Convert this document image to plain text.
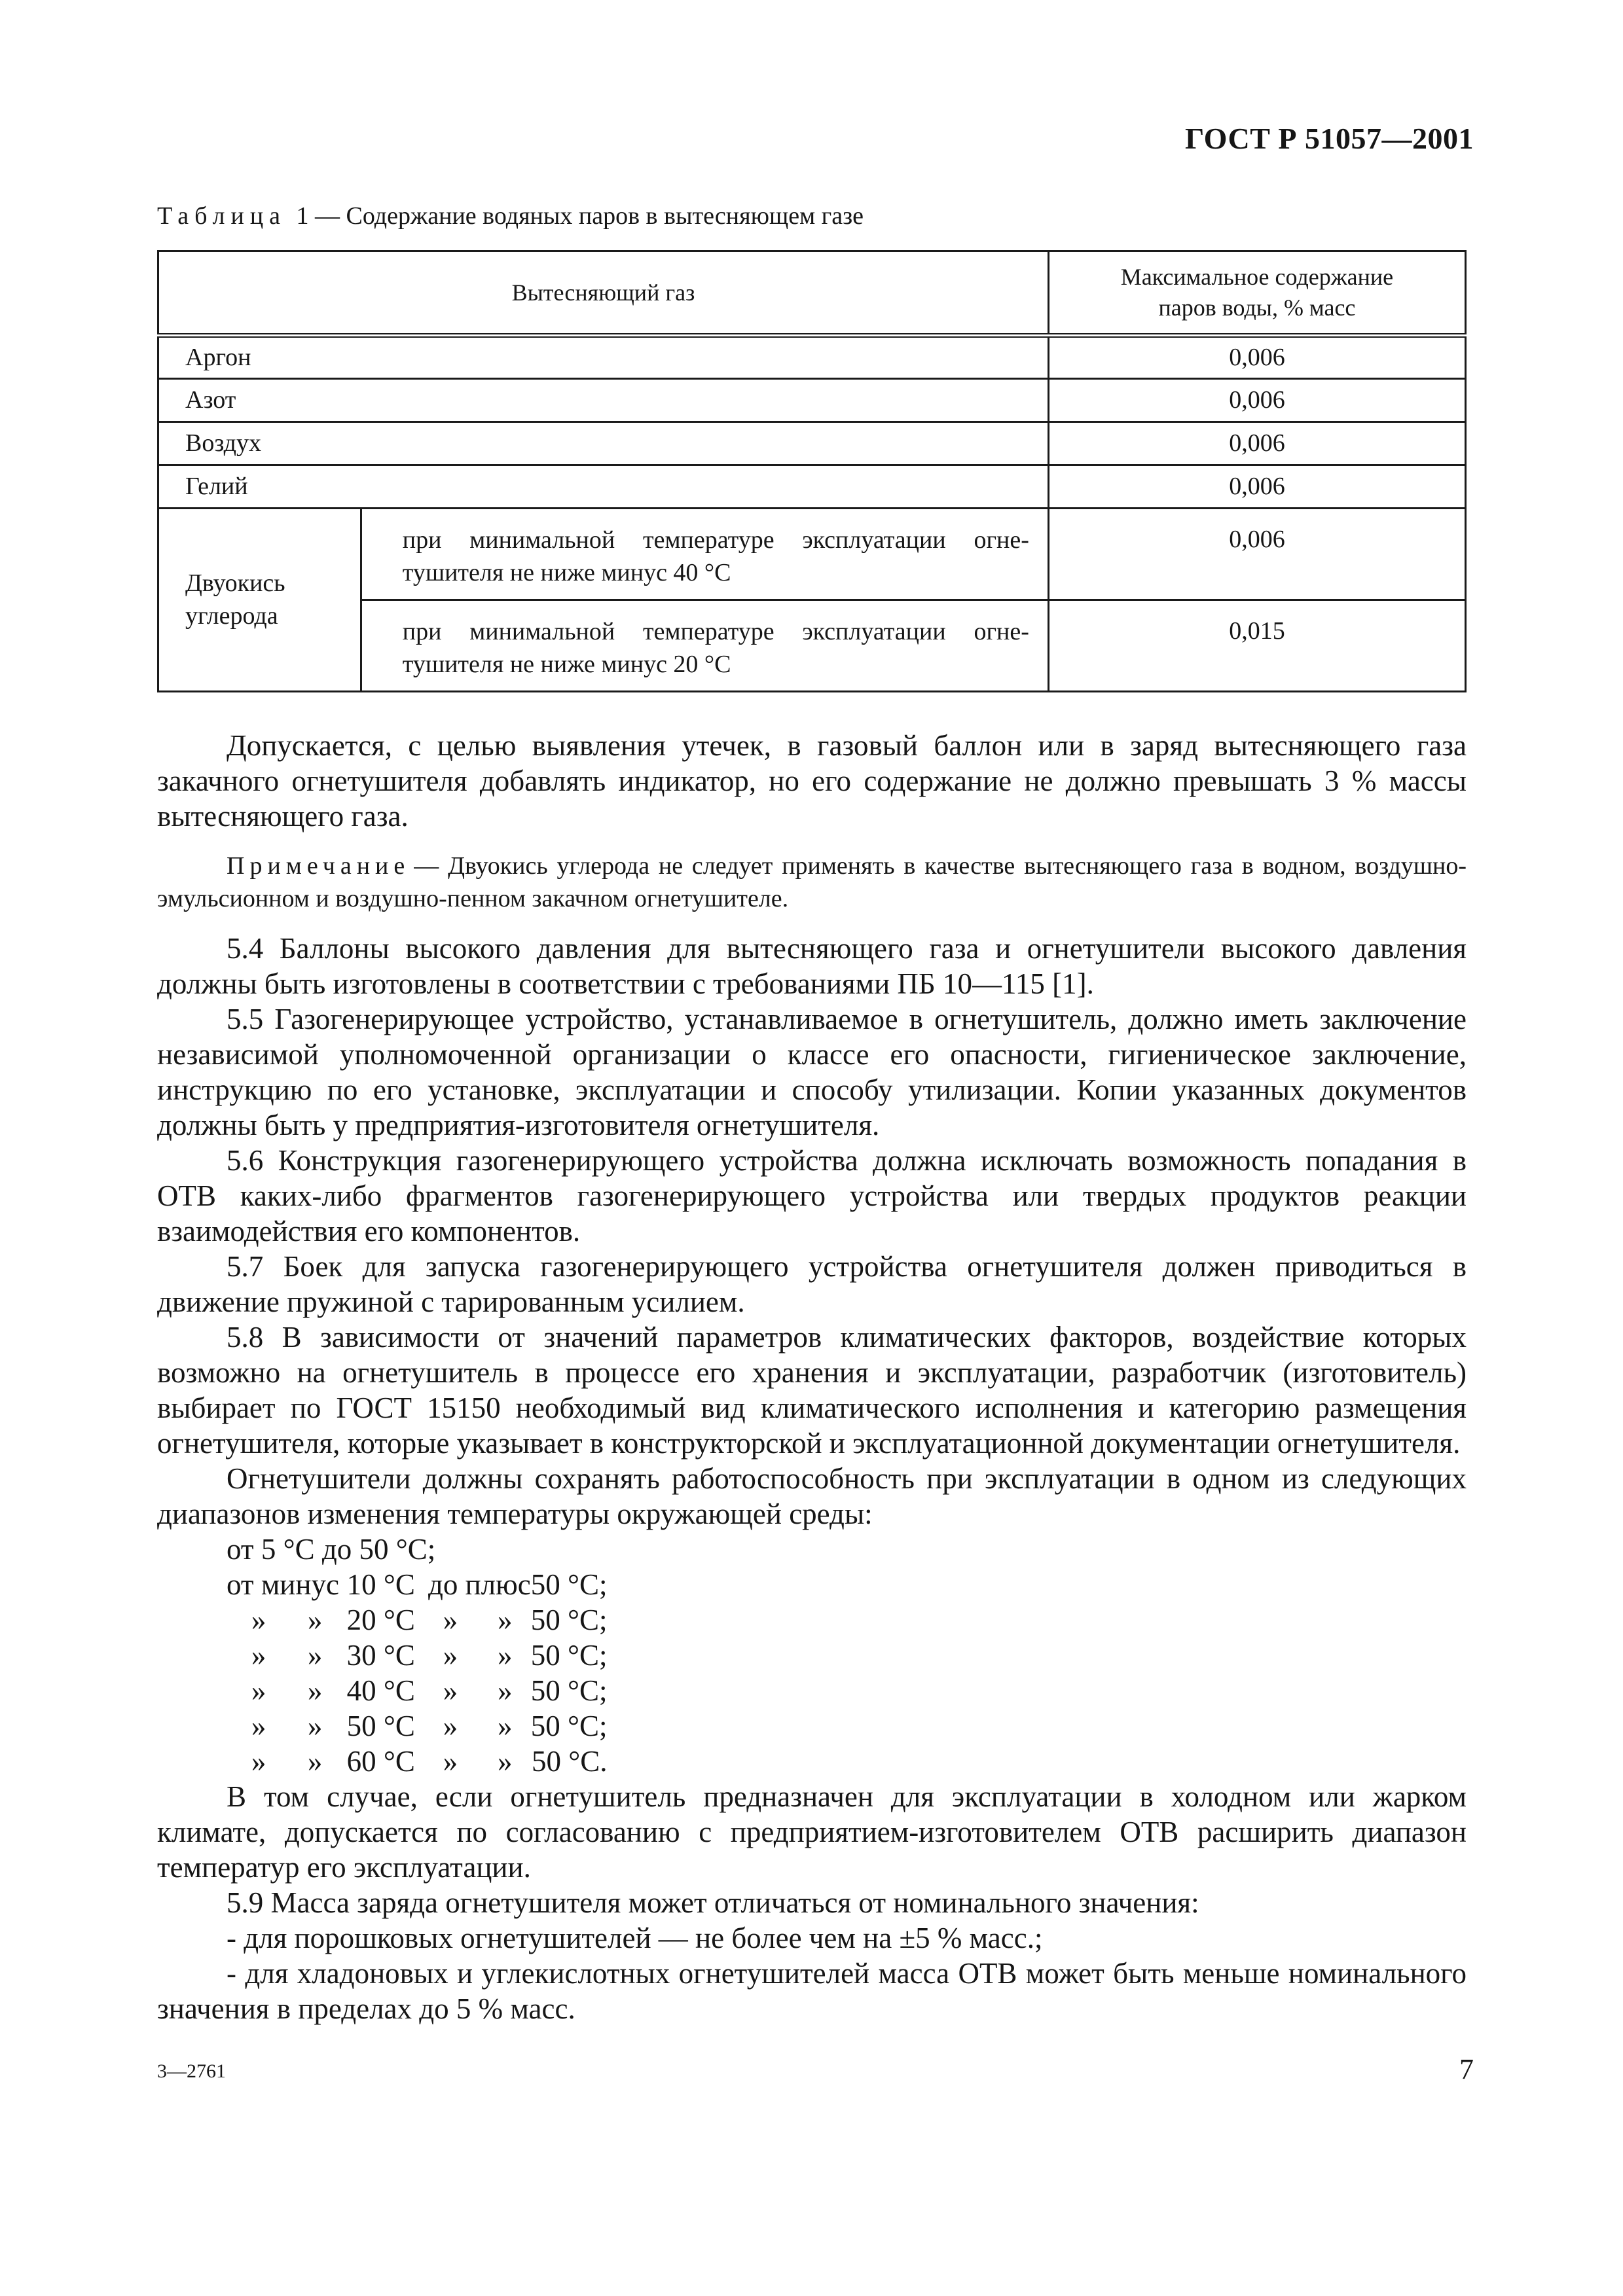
ГОСТ Р 51057—2001
Таблица 1 — Содержание водяных паров в вытесняющем газе
Вытесняющий газ		Максимальное содержание
паров воды, % масс
Аргон		0,006
Азот		0,006
Воздух		0,006
Гелий		0,006
Двуокись
углерода	при минимальной температуре эксплуатации огне-тушителя не ниже минус 40 °С	0,006
	при минимальной температуре эксплуатации огне-тушителя не ниже минус 20 °С	0,015

Допускается, с целью выявления утечек, в газовый баллон или в заряд вытесняющего газа закачного огнетушителя добавлять индикатор, но его содержание не должно превышать 3 % массы вытесняющего газа.

Примечание — Двуокись углерода не следует применять в качестве вытесняющего газа в водном, воздушно-эмульсионном и воздушно-пенном закачном огнетушителе.

5.4 Баллоны высокого давления для вытесняющего газа и огнетушители высокого давления должны быть изготовлены в соответствии с требованиями ПБ 10—115 [1].

5.5 Газогенерирующее устройство, устанавливаемое в огнетушитель, должно иметь заключение независимой уполномоченной организации о классе его опасности, гигиеническое заключение, инструкцию по его установке, эксплуатации и способу утилизации. Копии указанных документов должны быть у предприятия-изготовителя огнетушителя.

5.6 Конструкция газогенерирующего устройства должна исключать возможность попадания в ОТВ каких-либо фрагментов газогенерирующего устройства или твердых продуктов реакции взаимодействия его компонентов.

5.7 Боек для запуска газогенерирующего устройства огнетушителя должен приводиться в движение пружиной с тарированным усилием.

5.8 В зависимости от значений параметров климатических факторов, воздействие которых возможно на огнетушитель в процессе его хранения и эксплуатации, разработчик (изготовитель) выбирает по ГОСТ 15150 необходимый вид климатического исполнения и категорию размещения огнетушителя, которые указывает в конструкторской и эксплуатационной документации огнетушителя.

Огнетушители должны сохранять работоспособность при эксплуатации в одном из следующих диапазонов изменения температуры окружающей среды:

от 5 °С до 50 °С;

от минус		10 °С	до плюс		50 °С;
»	»	20 °С	»	»	50 °С;
»	»	30 °С	»	»	50 °С;
»	»	40 °С	»	»	50 °С;
»	»	50 °С	»	»	50 °С;
»	»	60 °С	»	»	50 °С.

В том случае, если огнетушитель предназначен для эксплуатации в холодном или жарком климате, допускается по согласованию с предприятием-изготовителем ОТВ расширить диапазон температур его эксплуатации.

5.9 Масса заряда огнетушителя может отличаться от номинального значения:

- для порошковых огнетушителей — не более чем на ±5 % масс.;

- для хладоновых и углекислотных огнетушителей масса ОТВ может быть меньше номинального значения в пределах до 5 % масс.

3—2761	7
